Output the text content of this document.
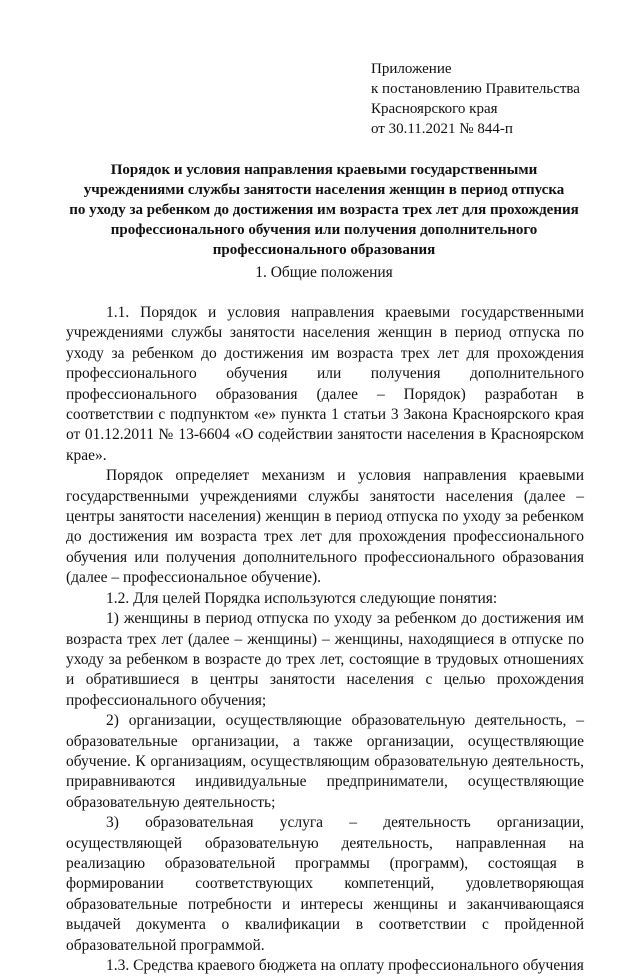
Приложение
к постановлению Правительства
Красноярского края
от 30.11.2021 № 844-п
Порядок и условия направления краевыми государственными
учреждениями службы занятости населения женщин в период отпуска
по уходу за ребенком до достижения им возраста трех лет для прохождения
профессионального обучения или получения дополнительного
профессионального образования
1. Общие положения

1.1. Порядок и условия направления краевыми государственными учреждениями службы занятости населения женщин в период отпуска по уходу за ребенком до достижения им возраста трех лет для прохождения профессионального обучения или получения дополнительного профессионального образования (далее – Порядок) разработан в соответствии с подпунктом «е» пункта 1 статьи 3 Закона Красноярского края от 01.12.2011 № 13-6604 «О содействии занятости населения в Красноярском крае».

Порядок определяет механизм и условия направления краевыми государственными учреждениями службы занятости населения (далее – центры занятости населения) женщин в период отпуска по уходу за ребенком до достижения им возраста трех лет для прохождения профессионального обучения или получения дополнительного профессионального образования (далее – профессиональное обучение).

1.2. Для целей Порядка используются следующие понятия:

1) женщины в период отпуска по уходу за ребенком до достижения им возраста трех лет (далее – женщины) – женщины, находящиеся в отпуске по уходу за ребенком в возрасте до трех лет, состоящие в трудовых отношениях и обратившиеся в центры занятости населения с целью прохождения профессионального обучения;

2) организации, осуществляющие образовательную деятельность, – образовательные организации, а также организации, осуществляющие обучение. К организациям, осуществляющим образовательную деятельность, приравниваются индивидуальные предприниматели, осуществляющие образовательную деятельность;

3) образовательная услуга – деятельность организации, осуществляющей образовательную деятельность, направленная на реализацию образовательной программы (программ), состоящая в формировании соответствующих компетенций, удовлетворяющая образовательные потребности и интересы женщины и заканчивающаяся выдачей документа о квалификации в соответствии с пройденной образовательной программой.

1.3. Средства краевого бюджета на оплату профессионального обучения
